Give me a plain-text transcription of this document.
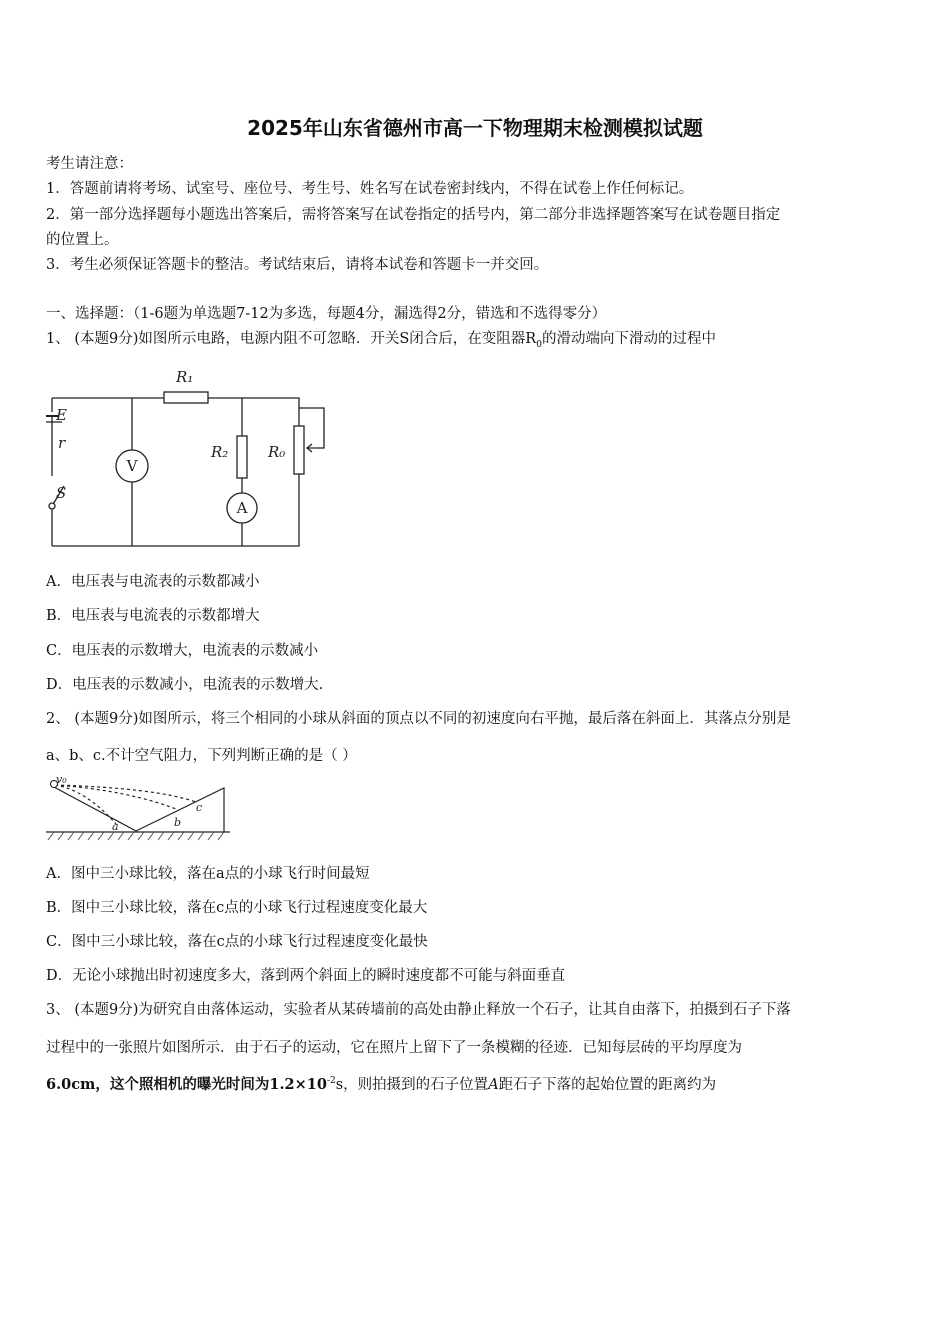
2025年山东省德州市高一下物理期末检测模拟试题
考生请注意：
1．答题前请将考场、试室号、座位号、考生号、姓名写在试卷密封线内，不得在试卷上作任何标记。
2．第一部分选择题每小题选出答案后，需将答案写在试卷指定的括号内，第二部分非选择题答案写在试卷题目指定
的位置上。
3．考生必须保证答题卡的整洁。考试结束后，请将本试卷和答题卡一并交回。
一、选择题：（1-6题为单选题7-12为多选，每题4分，漏选得2分，错选和不选得零分）
1、 (本题9分)如图所示电路，电源内阻不可忽略．开关S闭合后，在变阻器$R_0$的滑动端向下滑动的过程中
R₁
R₂	R₀
E
r
S
V
A
A．电压表与电流表的示数都减小
B．电压表与电流表的示数都增大
C．电压表的示数增大，电流表的示数减小
D．电压表的示数减小，电流表的示数增大.
2、 (本题9分)如图所示，将三个相同的小球从斜面的顶点以不同的初速度向右平抛，最后落在斜面上．其落点分别是
a、b、c.不计空气阻力，下列判断正确的是（ ）
v₀
a	b
c
A．图中三小球比较，落在a点的小球飞行时间最短
B．图中三小球比较，落在c点的小球飞行过程速度变化最大
C．图中三小球比较，落在c点的小球飞行过程速度变化最快
D．无论小球抛出时初速度多大，落到两个斜面上的瞬时速度都不可能与斜面垂直
3、 (本题9分)为研究自由落体运动，实验者从某砖墙前的高处由静止释放一个石子，让其自由落下，拍摄到石子下落
过程中的一张照片如图所示．由于石子的运动，它在照片上留下了一条模糊的径迹．已知每层砖的平均厚度为
6.0cm，这个照相机的曝光时间为$1.2\times 10^{-2}s$，则拍摄到的石子位置A距石子下落的起始位置的距离约为
